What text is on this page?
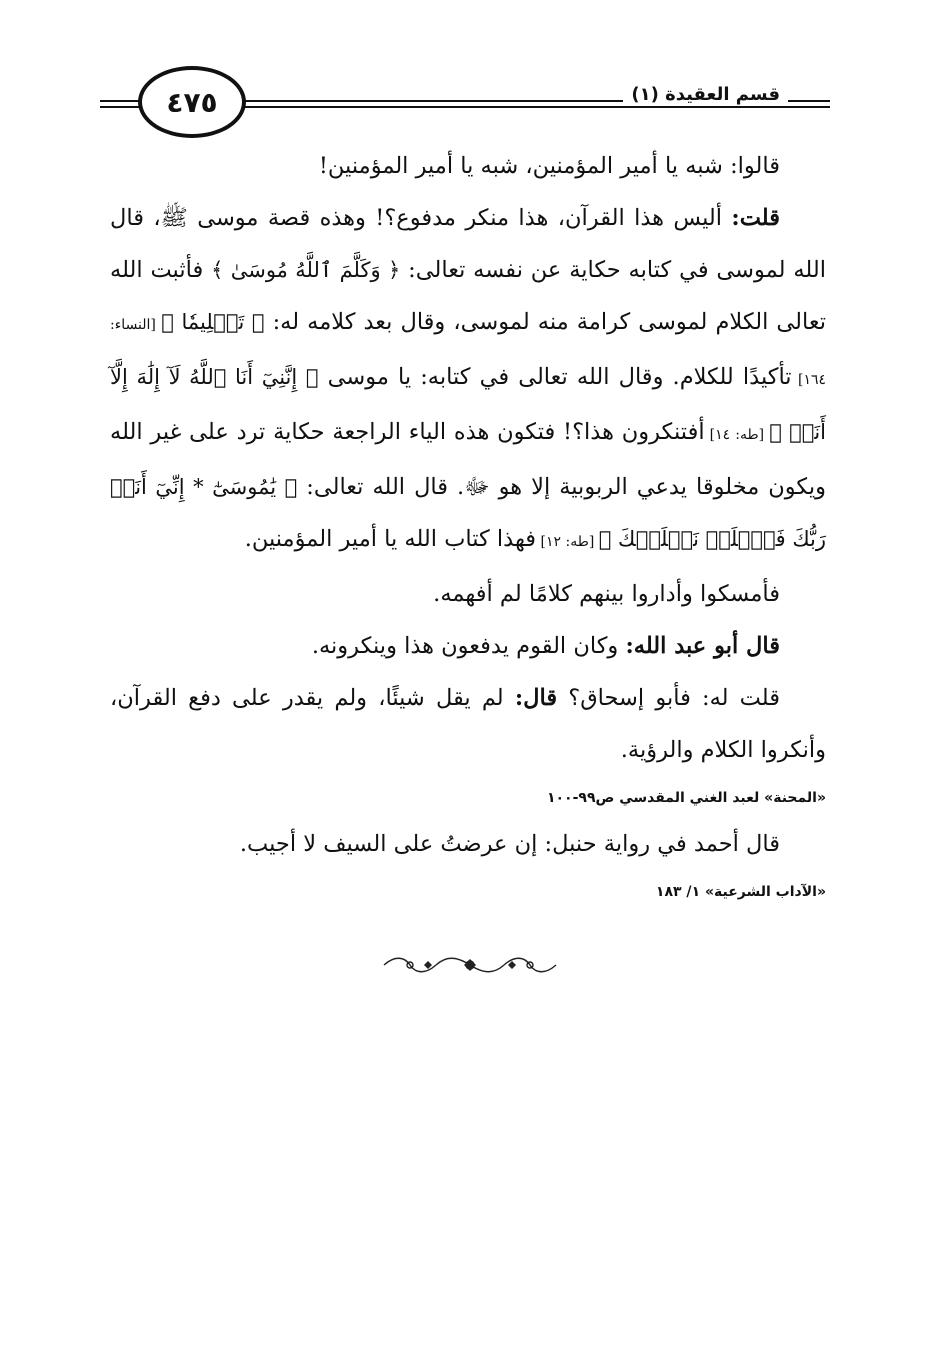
٤٧٥	قسم العقيدة (١)

قالوا: شبه يا أمير المؤمنين، شبه يا أمير المؤمنين!

قلت: أليس هذا القرآن، هذا منكر مدفوع؟! وهذه قصة موسى ﷺ، قال الله لموسى في كتابه حكاية عن نفسه تعالى: ﴿ وَكَلَّمَ ٱللَّهُ مُوسَىٰ ﴾ فأثبت الله تعالى الكلام لموسى كرامة منه لموسى، وقال بعد كلامه له: ﴿ تَكۡلِيمٗا ﴾ [النساء: ١٦٤] تأكيدًا للكلام. وقال الله تعالى في كتابه: يا موسى ﴿ إِنَّنِيٓ أَنَا ٱللَّهُ لَآ إِلَٰهَ إِلَّآ أَنَا۠ ﴾ [طه: ١٤] أفتنكرون هذا؟! فتكون هذه الياء الراجعة حكاية ترد على غير الله ويكون مخلوقا يدعي الربوبية إلا هو ﷻ. قال الله تعالى: ﴿ يَٰمُوسَىٰٓ * إِنِّيٓ أَنَا۠ رَبُّكَ فَٱخۡلَعۡ نَعۡلَيۡكَ ﴾ [طه: ١٢] فهذا كتاب الله يا أمير المؤمنين.

فأمسكوا وأداروا بينهم كلامًا لم أفهمه.

قال أبو عبد الله: وكان القوم يدفعون هذا وينكرونه.

قلت له: فأبو إسحاق؟ قال: لم يقل شيئًا، ولم يقدر على دفع القرآن، وأنكروا الكلام والرؤية.

«المحنة» لعبد الغني المقدسي ص٩٩-١٠٠

قال أحمد في رواية حنبل: إن عرضتُ على السيف لا أجيب.

«الآداب الشرعية» ١/ ١٨٣
